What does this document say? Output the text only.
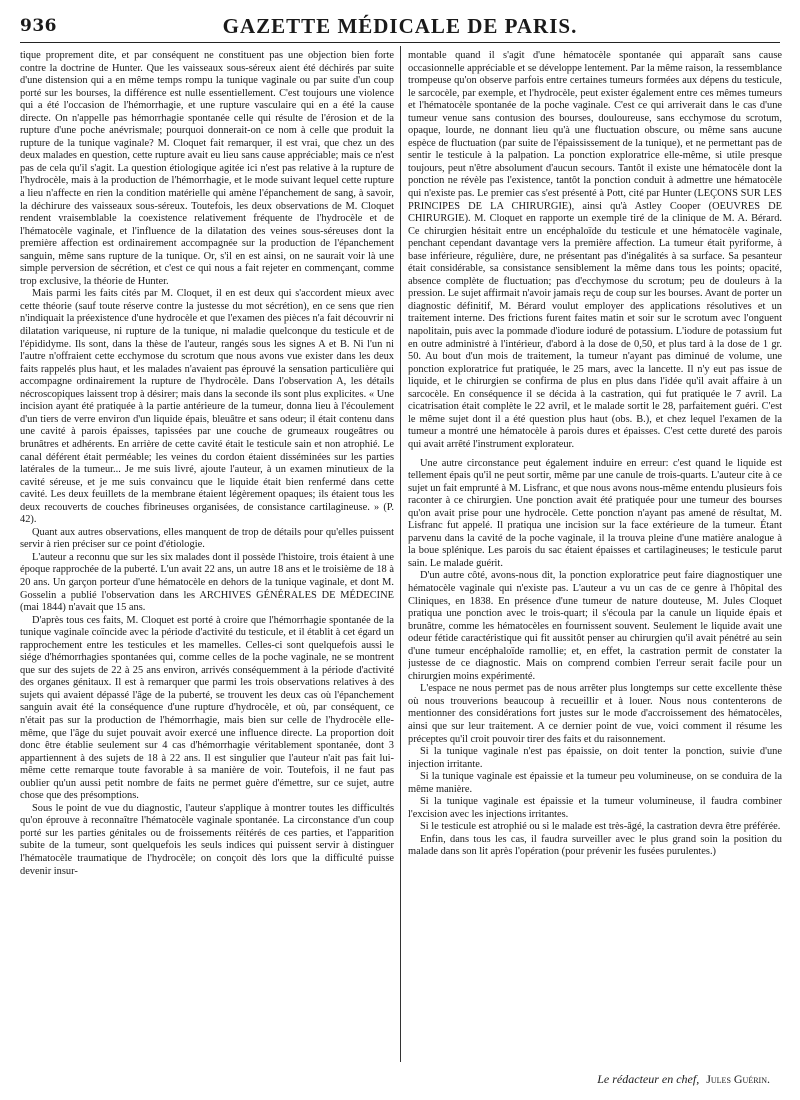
936	GAZETTE MÉDICALE DE PARIS.

tique proprement dite, et par conséquent ne constituent pas une objection bien forte contre la doctrine de Hunter. Que les vaisseaux sous-séreux aient été déchirés par suite d'une distension qui a en même temps rompu la tunique vaginale ou par suite d'un coup porté sur les bourses, la différence est nulle essentiellement. C'est toujours une violence qui a été l'occasion de l'hémorrhagie, et une rupture vasculaire qui en a été la cause directe. On n'appelle pas hémorrhagie spontanée celle qui résulte de l'érosion et de la rupture d'une poche anévrismale; pourquoi donnerait-on ce nom à celle que produit la rupture de la tunique vaginale? M. Cloquet fait remarquer, il est vrai, que chez un des deux malades en question, cette rupture avait eu lieu sans cause appréciable; mais ce n'est pas de cela qu'il s'agit. La question étiologique agitée ici n'est pas relative à la rupture de l'hydrocèle, mais à la production de l'hémorrhagie, et le mode suivant lequel cette rupture a lieu n'affecte en rien la condition matérielle qui amène l'épanchement de sang, à savoir, la déchirure des vaisseaux sous-séreux. Toutefois, les deux observations de M. Cloquet rendent vraisemblable la coexistence relativement fréquente de l'hydrocèle et de l'hématocèle vaginale, et l'influence de la dilatation des veines sous-séreuses dont la première affection est ordinairement accompagnée sur la production de l'épanchement sanguin, même sans rupture de la tunique. Or, s'il en est ainsi, on ne saurait voir là une simple perversion de sécrétion, et c'est ce qui nous a fait rejeter en commençant, comme trop exclusive, la théorie de Hunter.

Mais parmi les faits cités par M. Cloquet, il en est deux qui s'accordent mieux avec cette théorie (sauf toute réserve contre la justesse du mot sécrétion), en ce sens que rien n'indiquait la préexistence d'une hydrocèle et que l'examen des pièces n'a fait découvrir ni dilatation variqueuse, ni rupture de la tunique, ni maladie quelconque du testicule et de l'épididyme. Ils sont, dans la thèse de l'auteur, rangés sous les signes A et B. Ni l'un ni l'autre n'offraient cette ecchymose du scrotum que nous avons vue exister dans les deux faits rappelés plus haut, et les malades n'avaient pas éprouvé la sensation particulière qui accompagne ordinairement la rupture de l'hydrocèle. Dans l'observation A, les détails nécroscopiques laissent trop à désirer; mais dans la seconde ils sont plus explicites. « Une incision ayant été pratiquée à la partie antérieure de la tumeur, donna lieu à l'écoulement d'un tiers de verre environ d'un liquide épais, bleuâtre et sans odeur; il était contenu dans une cavité à parois épaisses, tapissées par une couche de grumeaux rougeâtres ou brunâtres et adhérents. En arrière de cette cavité était le testicule sain et non atrophié. Le canal déférent était perméable; les veines du cordon étaient disséminées sur les parties latérales de la tumeur... Je me suis livré, ajoute l'auteur, à un examen minutieux de la cavité séreuse, et je me suis convaincu que le liquide était bien renfermé dans cette cavité. Les deux feuillets de la membrane étaient légèrement opaques; ils étaient tous les deux recouverts de couches fibrineuses organisées, de consistance cartilagineuse. » (P. 42).

Quant aux autres observations, elles manquent de trop de détails pour qu'elles puissent servir à rien préciser sur ce point d'étiologie.

L'auteur a reconnu que sur les six malades dont il possède l'histoire, trois étaient à une époque rapprochée de la puberté. L'un avait 22 ans, un autre 18 ans et le troisième de 18 à 20 ans. Un garçon porteur d'une hématocèle en dehors de la tunique vaginale, et dont M. Gosselin a publié l'observation dans les ARCHIVES GÉNÉRALES DE MÉDECINE (mai 1844) n'avait que 15 ans.

D'après tous ces faits, M. Cloquet est porté à croire que l'hémorrhagie spontanée de la tunique vaginale coïncide avec la période d'activité du testicule, et il établit à cet égard un rapprochement entre les testicules et les mamelles. Celles-ci sont quelquefois aussi le siége d'hémorrhagies spontanées qui, comme celles de la poche vaginale, ne se montrent que sur des sujets de 22 à 25 ans environ, arrivés conséquemment à la période d'activité des organes génitaux. Il est à remarquer que parmi les trois observations relatives à des sujets qui avaient dépassé l'âge de la puberté, se trouvent les deux cas où l'épanchement sanguin avait été la conséquence d'une rupture d'hydrocèle, et où, par conséquent, ce n'était pas sur la production de l'hémorrhagie, mais bien sur celle de l'hydrocèle elle-même, que l'âge du sujet pouvait avoir exercé une influence directe. La proportion doit donc être établie seulement sur 4 cas d'hémorrhagie véritablement spontanée, dont 3 appartiennent à des sujets de 18 à 22 ans. Il est singulier que l'auteur n'ait pas fait lui-même cette remarque toute favorable à sa manière de voir. Toutefois, il ne faut pas oublier qu'un aussi petit nombre de faits ne permet guère d'émettre, sur ce sujet, autre chose que des présomptions.

Sous le point de vue du diagnostic, l'auteur s'applique à montrer toutes les difficultés qu'on éprouve à reconnaître l'hématocèle vaginale spontanée. La circonstance d'un coup porté sur les parties génitales ou de froissements réitérés de ces parties, et l'apparition subite de la tumeur, sont quelquefois les seuls indices qui puissent servir à distinguer l'hématocèle traumatique de l'hydrocèle; on conçoit dès lors que la difficulté puisse devenir insur-

montable quand il s'agit d'une hématocèle spontanée qui apparaît sans cause occasionnelle appréciable et se développe lentement. Par la même raison, la ressemblance trompeuse qu'on observe parfois entre certaines tumeurs formées aux dépens du testicule, le sarcocèle, par exemple, et l'hydrocèle, peut exister également entre ces mêmes tumeurs et l'hématocèle spontanée de la poche vaginale. C'est ce qui arriverait dans le cas d'une tumeur venue sans contusion des bourses, douloureuse, sans ecchymose du scrotum, opaque, lourde, ne donnant lieu qu'à une fluctuation obscure, ou même sans aucune espèce de fluctuation (par suite de l'épaississement de la tunique), et ne permettant pas de sentir le testicule à la palpation. La ponction exploratrice elle-même, si utile presque toujours, peut n'être absolument d'aucun secours. Tantôt il existe une hématocèle dont la ponction ne révèle pas l'existence, tantôt la ponction conduit à admettre une hématocèle qui n'existe pas. Le premier cas s'est présenté à Pott, cité par Hunter (LEÇONS SUR LES PRINCIPES DE LA CHIRURGIE), ainsi qu'à Astley Cooper (OEUVRES DE CHIRURGIE). M. Cloquet en rapporte un exemple tiré de la clinique de M. A. Bérard. Ce chirurgien hésitait entre un encéphaloïde du testicule et une hématocèle vaginale, penchant cependant davantage vers la première affection. La tumeur était pyriforme, à base inférieure, régulière, dure, ne présentant pas d'inégalités à sa surface. Sa pesanteur était considérable, sa consistance sensiblement la même dans tous les points; opacité, absence complète de fluctuation; pas d'ecchymose du scrotum; peu de douleurs à la pression. Le sujet affirmait n'avoir jamais reçu de coup sur les bourses. Avant de porter un diagnostic définitif, M. Bérard voulut employer des applications résolutives et un traitement interne. Des frictions furent faites matin et soir sur le scrotum avec l'onguent napolitain, puis avec la pommade d'iodure ioduré de potassium. L'iodure de potassium fut en outre administré à l'intérieur, d'abord à la dose de 0,50, et plus tard à la dose de 1 gr. 50. Au bout d'un mois de traitement, la tumeur n'ayant pas diminué de volume, une ponction exploratrice fut pratiquée, le 25 mars, avec la lancette. Il n'y eut pas issue de liquide, et le chirurgien se confirma de plus en plus dans l'idée qu'il avait affaire à un sarcocèle. En conséquence il se décida à la castration, qui fut pratiquée le 7 avril. La cicatrisation était complète le 22 avril, et le malade sortit le 28, parfaitement guéri. C'est le même sujet dont il a été question plus haut (obs. B.), et chez lequel l'examen de la tumeur a montré une hématocèle à parois dures et épaisses. C'est cette dureté des parois qui avait arrêté l'instrument explorateur.

Une autre circonstance peut également induire en erreur: c'est quand le liquide est tellement épais qu'il ne peut sortir, même par une canule de trois-quarts. L'auteur cite à ce sujet un fait emprunté à M. Lisfranc, et que nous avons nous-même entendu plusieurs fois raconter à ce chirurgien. Une ponction avait été pratiquée pour une tumeur des bourses qu'on avait prise pour une hydrocèle. Cette ponction n'ayant pas amené de résultat, M. Lisfranc fut appelé. Il pratiqua une incision sur la face extérieure de la tumeur. Étant parvenu dans la cavité de la poche vaginale, il la trouva pleine d'une matière analogue à la boue splénique. Les parois du sac étaient épaisses et cartilagineuses; le testicule parut sain. Le malade guérit.

D'un autre côté, avons-nous dit, la ponction exploratrice peut faire diagnostiquer une hématocèle vaginale qui n'existe pas. L'auteur a vu un cas de ce genre à l'hôpital des Cliniques, en 1838. En présence d'une tumeur de nature douteuse, M. Jules Cloquet pratiqua une ponction avec le trois-quart; il s'écoula par la canule un liquide épais et brunâtre, comme les hématocèles en fournissent souvent. Seulement le liquide avait une odeur fétide caractéristique qui fit aussitôt penser au chirurgien qu'il avait pénétré au sein d'une tumeur encéphaloïde ramollie; et, en effet, la castration permit de constater la justesse de ce diagnostic. Mais on comprend combien l'erreur serait facile pour un chirurgien moins expérimenté.

L'espace ne nous permet pas de nous arrêter plus longtemps sur cette excellente thèse où nous trouverions beaucoup à recueillir et à louer. Nous nous contenterons de mentionner des considérations fort justes sur le mode d'accroissement des hématocèles, ainsi que sur leur traitement. A ce dernier point de vue, voici comment il résume les préceptes qu'il croit pouvoir tirer des faits et du raisonnement.

Si la tunique vaginale n'est pas épaissie, on doit tenter la ponction, suivie d'une injection irritante.

Si la tunique vaginale est épaissie et la tumeur peu volumineuse, on se conduira de la même manière.

Si la tunique vaginale est épaissie et la tumeur volumineuse, il faudra combiner l'excision avec les injections irritantes.

Si le testicule est atrophié ou si le malade est très-âgé, la castration devra être préférée.

Enfin, dans tous les cas, il faudra surveiller avec le plus grand soin la position du malade dans son lit après l'opération (pour prévenir les fusées purulentes.)

Le rédacteur en chef, Jules Guérin.
